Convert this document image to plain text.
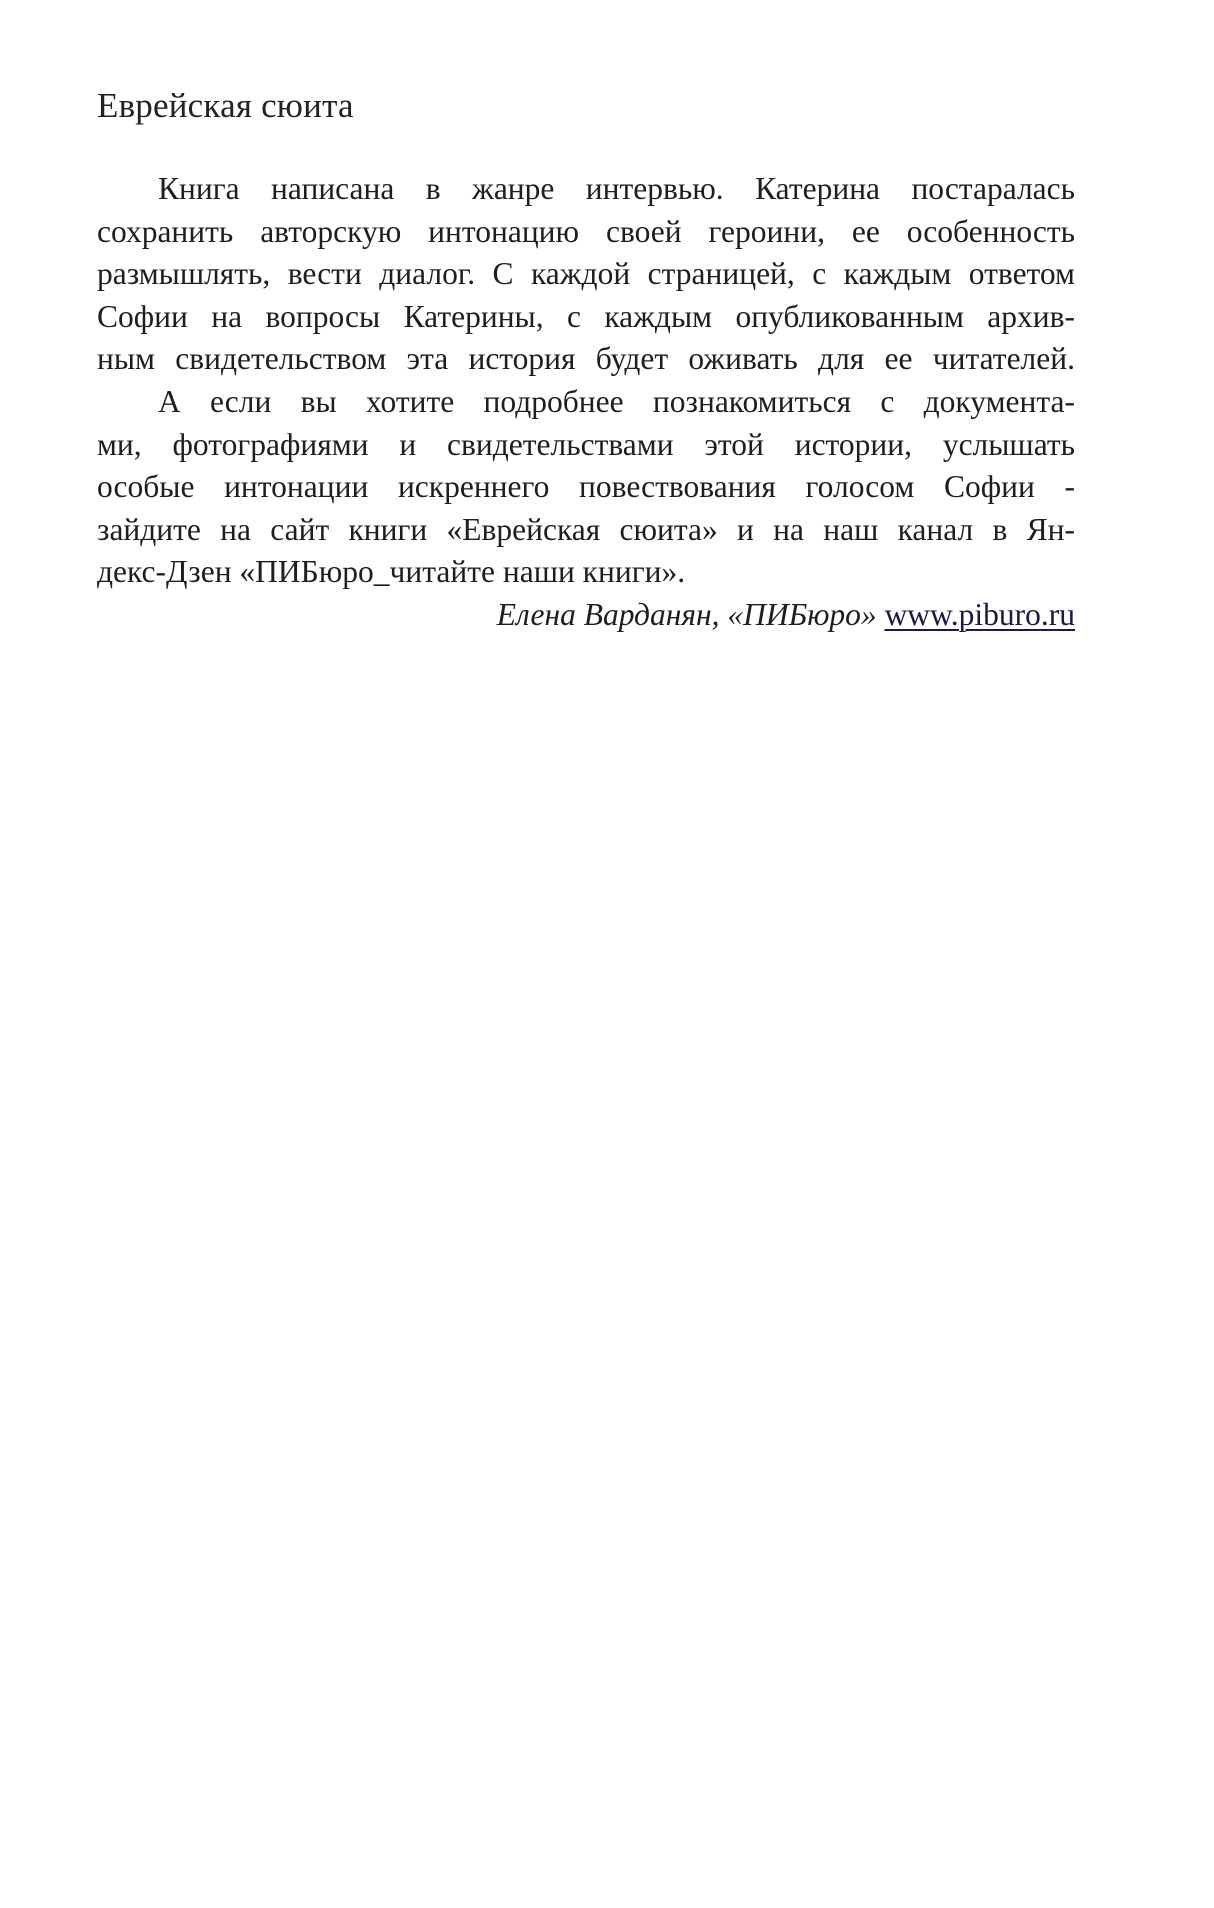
Еврейская сюита
Книга написана в жанре интервью. Катерина постаралась
сохранить авторскую интонацию своей героини, ее особенность
размышлять, вести диалог. С каждой страницей, с каждым ответом
Софии на вопросы Катерины, с каждым опубликованным архив-
ным свидетельством эта история будет оживать для ее читателей.
А если вы хотите подробнее познакомиться с документа-
ми, фотографиями и свидетельствами этой истории, услышать
особые интонации искреннего повествования голосом Софии -
зайдите на сайт книги «Еврейская сюита» и на наш канал в Ян-
декс-Дзен «ПИБюро_читайте наши книги».
Елена Варданян, «ПИБюро» www.piburo.ru
